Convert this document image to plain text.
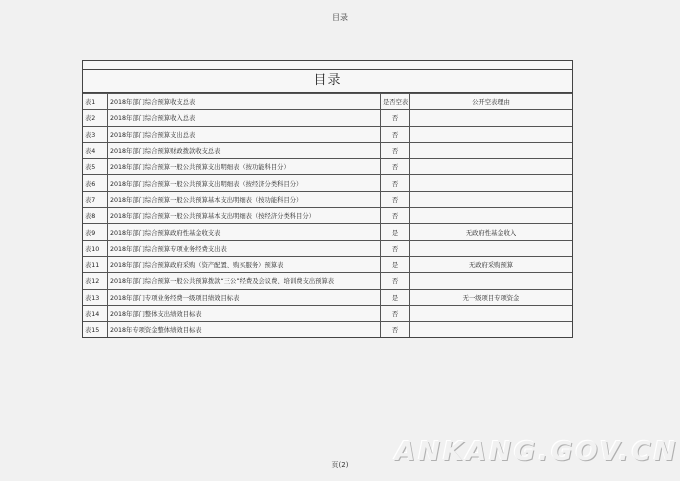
目录
目录
表1	2018年部门综合预算收支总表	是否空表	公开空表理由
表2	2018年部门综合预算收入总表	否	
表3	2018年部门综合预算支出总表	否	
表4	2018年部门综合预算财政拨款收支总表	否	
表5	2018年部门综合预算一般公共预算支出明细表（按功能科目分）	否	
表6	2018年部门综合预算一般公共预算支出明细表（按经济分类科目分）	否	
表7	2018年部门综合预算一般公共预算基本支出明细表（按功能科目分）	否	
表8	2018年部门综合预算一般公共预算基本支出明细表（按经济分类科目分）	否	
表9	2018年部门综合预算政府性基金收支表	是	无政府性基金收入
表10	2018年部门综合预算专项业务经费支出表	否	
表11	2018年部门综合预算政府采购（资产配置、购买服务）预算表	是	无政府采购预算
表12	2018年部门综合预算一般公共预算拨款“三公”经费及会议费、培训费支出预算表	否	
表13	2018年部门专项业务经费一级项目绩效目标表	是	无一级项目专项资金
表14	2018年部门整体支出绩效目标表	否	
表15	2018年专项资金整体绩效目标表	否	
页(2)	ANKANG.GOV.CN
